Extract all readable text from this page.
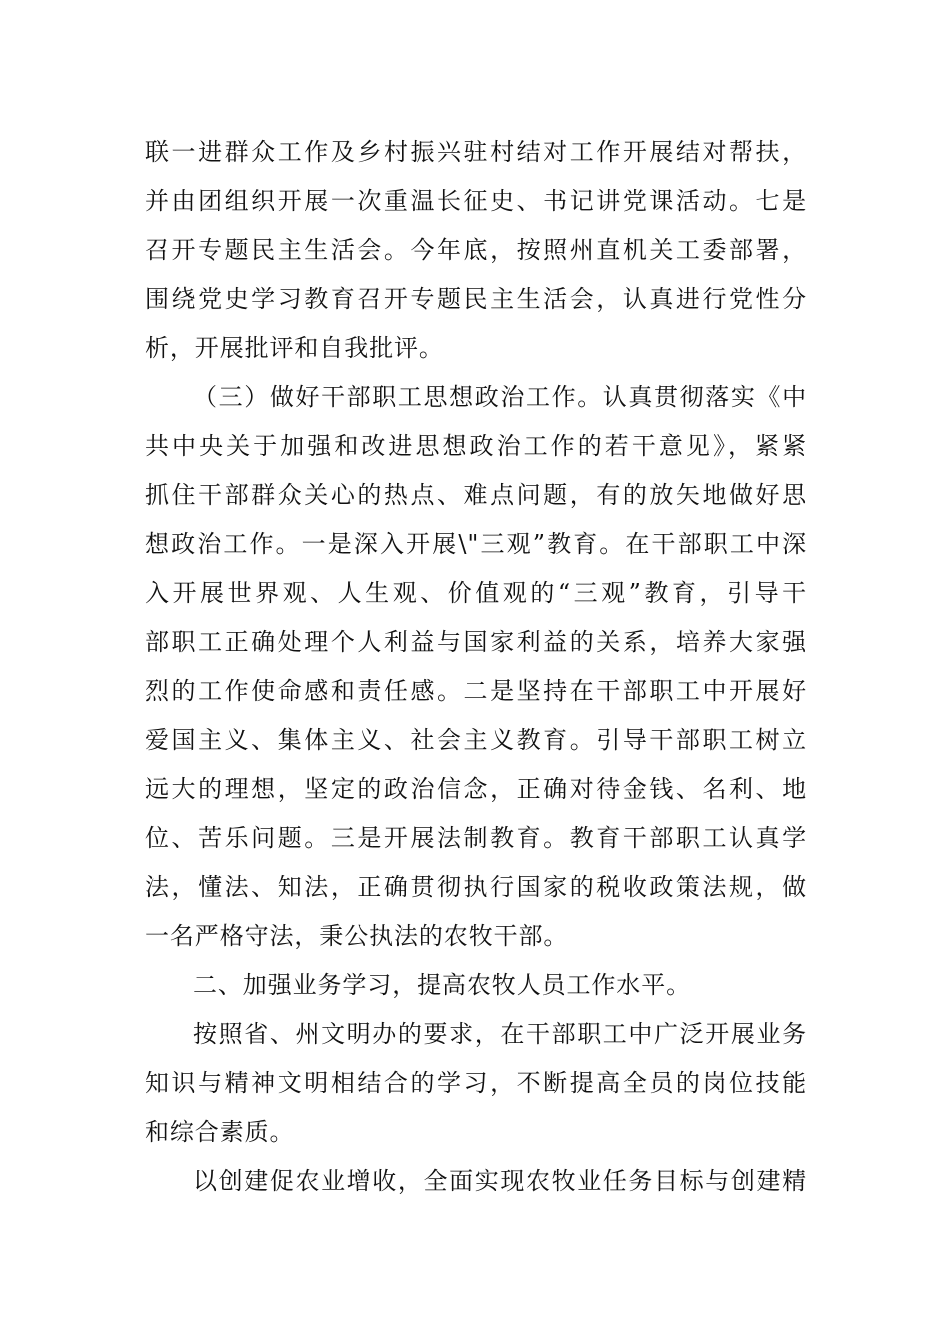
联一进群众工作及乡村振兴驻村结对工作开展结对帮扶，
并由团组织开展一次重温长征史、书记讲党课活动。七是
召开专题民主生活会。今年底，按照州直机关工委部署，
围绕党史学习教育召开专题民主生活会，认真进行党性分
析，开展批评和自我批评。
（三）做好干部职工思想政治工作。认真贯彻落实《中
共中央关于加强和改进思想政治工作的若干意见》，紧紧
抓住干部群众关心的热点、难点问题，有的放矢地做好思
想政治工作。一是深入开展\"三观”教育。在干部职工中深
入开展世界观、人生观、价值观的“三观”教育，引导干
部职工正确处理个人利益与国家利益的关系，培养大家强
烈的工作使命感和责任感。二是坚持在干部职工中开展好
爱国主义、集体主义、社会主义教育。引导干部职工树立
远大的理想，坚定的政治信念，正确对待金钱、名利、地
位、苦乐问题。三是开展法制教育。教育干部职工认真学
法，懂法、知法，正确贯彻执行国家的税收政策法规，做
一名严格守法，秉公执法的农牧干部。
二、加强业务学习，提高农牧人员工作水平。
按照省、州文明办的要求，在干部职工中广泛开展业务
知识与精神文明相结合的学习，不断提高全员的岗位技能
和综合素质。
以创建促农业增收，全面实现农牧业任务目标与创建精
